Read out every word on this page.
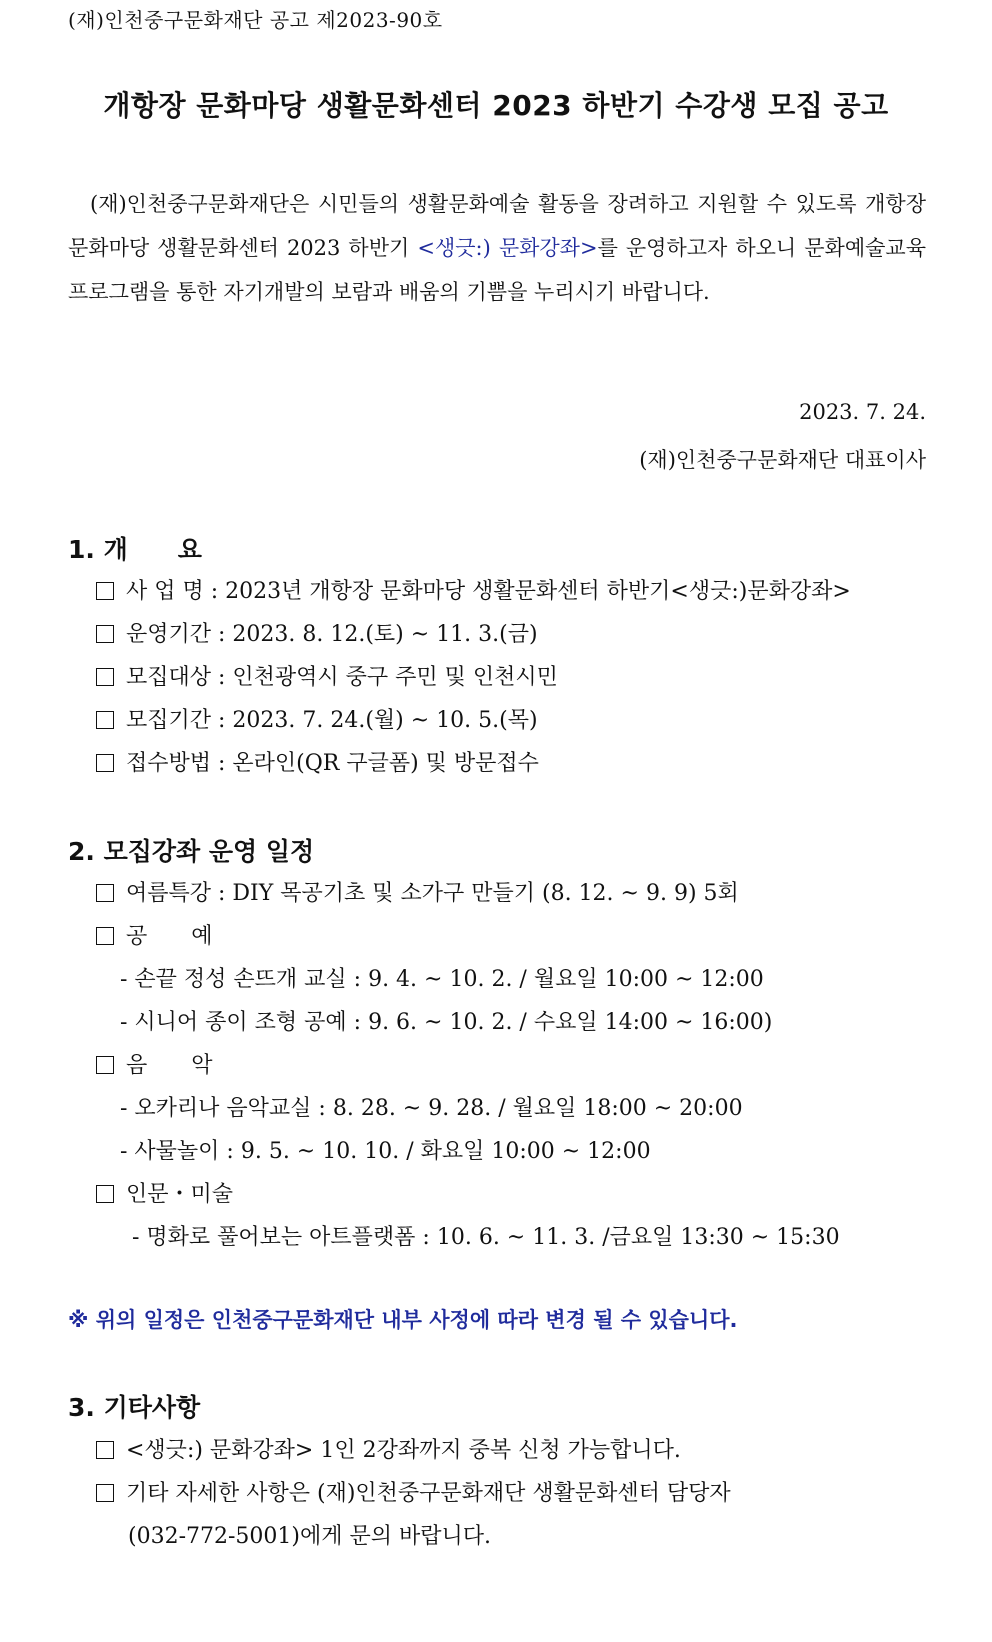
(재)인천중구문화재단 공고 제2023-90호
개항장 문화마당 생활문화센터 2023 하반기 수강생 모집 공고
(재)인천중구문화재단은 시민들의 생활문화예술 활동을 장려하고 지원할 수 있도록 개항장 문화마당 생활문화센터 2023 하반기 <생긋:) 문화강좌>를 운영하고자 하오니 문화예술교육 프로그램을 통한 자기개발의 보람과 배움의 기쁨을 누리시기 바랍니다.
2023. 7. 24.
(재)인천중구문화재단 대표이사
1. 개　　요
사 업 명 : 2023년 개항장 문화마당 생활문화센터 하반기<생긋:)문화강좌>
운영기간 : 2023. 8. 12.(토) ~ 11. 3.(금)
모집대상 : 인천광역시 중구 주민 및 인천시민
모집기간 : 2023. 7. 24.(월) ~ 10. 5.(목)
접수방법 : 온라인(QR 구글폼) 및 방문접수
2. 모집강좌 운영 일정
여름특강 : DIY 목공기초 및 소가구 만들기 (8. 12. ~ 9. 9) 5회
공　　예
- 손끝 정성 손뜨개 교실 : 9. 4. ~ 10. 2. / 월요일 10:00 ~ 12:00
- 시니어 종이 조형 공예 : 9. 6. ~ 10. 2. / 수요일 14:00 ~ 16:00)
음　　악
- 오카리나 음악교실 : 8. 28. ~ 9. 28. / 월요일 18:00 ~ 20:00
- 사물놀이 : 9. 5. ~ 10. 10. / 화요일 10:00 ~ 12:00
인문・미술
- 명화로 풀어보는 아트플랫폼 : 10. 6. ~ 11. 3. /금요일 13:30 ~ 15:30
※ 위의 일정은 인천중구문화재단 내부 사정에 따라 변경 될 수 있습니다.
3. 기타사항
<생긋:) 문화강좌> 1인 2강좌까지 중복 신청 가능합니다.
기타 자세한 사항은 (재)인천중구문화재단 생활문화센터 담당자
(032-772-5001)에게 문의 바랍니다.
